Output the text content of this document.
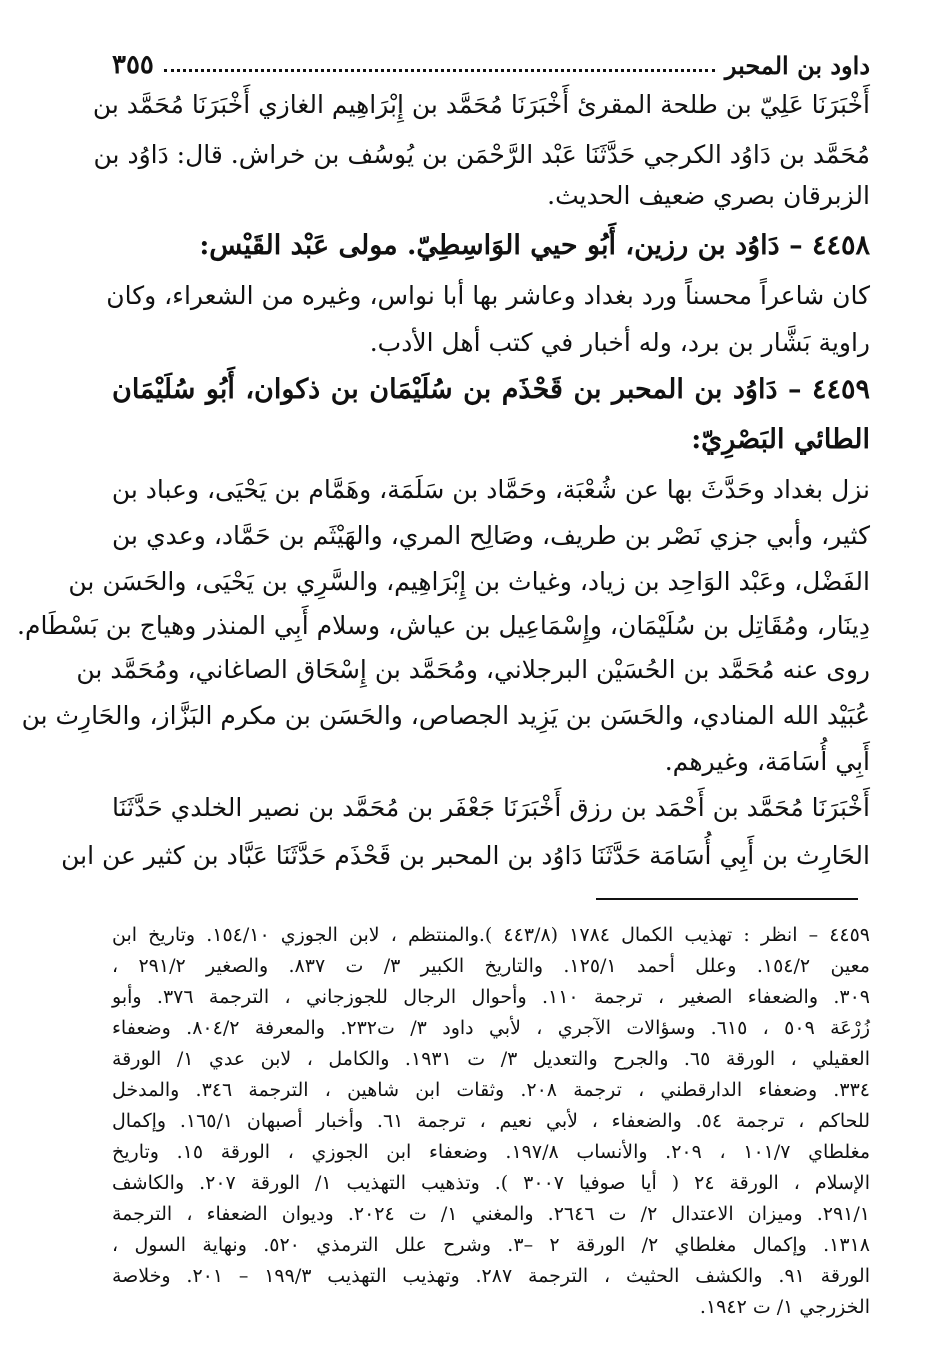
داود بن المحبر
٣٥٥
أَخْبَرَنَا عَلِيّ بن طلحة المقرئ أَخْبَرَنَا مُحَمَّد بن إِبْرَاهِيم الغازي أَخْبَرَنَا مُحَمَّد بن
مُحَمَّد بن دَاوُد الكرجي حَدَّثَنَا عَبْد الرَّحْمَن بن يُوسُف بن خراش. قال: دَاوُد بن
الزبرقان بصري ضعيف الحديث.
٤٤٥٨ – دَاوُد بن رزين، أَبُو حيي الوَاسِطِيّ. مولى عَبْد القَيْس:
كان شاعراً محسناً ورد بغداد وعاشر بها أبا نواس، وغيره من الشعراء، وكان
راوية بَشَّار بن برد، وله أخبار في كتب أهل الأدب.
٤٤٥٩ – دَاوُد بن المحبر بن قَحْذَم بن سُلَيْمَان بن ذكوان، أَبُو سُلَيْمَان
الطائي البَصْرِيّ:
نزل بغداد وحَدَّثَ بها عن شُعْبَة، وحَمَّاد بن سَلَمَة، وهَمَّام بن يَحْيَى، وعباد بن
كثير، وأبي جزي نَصْر بن طريف، وصَالِح المري، والهَيْثَم بن حَمَّاد، وعدي بن
الفَضْل، وعَبْد الوَاحِد بن زياد، وغياث بن إِبْرَاهِيم، والسَّرِي بن يَحْيَى، والحَسَن بن
دِينَار، ومُقَاتِل بن سُلَيْمَان، وإِسْمَاعِيل بن عياش، وسلام أَبِي المنذر وهياج بن بَسْطَام.
روى عنه مُحَمَّد بن الحُسَيْن البرجلاني، ومُحَمَّد بن إِسْحَاق الصاغاني، ومُحَمَّد بن
عُبَيْد الله المنادي، والحَسَن بن يَزِيد الجصاص، والحَسَن بن مكرم البَزَّاز، والحَارِث بن
أَبِي أُسَامَة، وغيرهم.
أَخْبَرَنَا مُحَمَّد بن أَحْمَد بن رزق أَخْبَرَنَا جَعْفَر بن مُحَمَّد بن نصير الخلدي حَدَّثَنَا
الحَارِث بن أَبِي أُسَامَة حَدَّثَنَا دَاوُد بن المحبر بن قَحْذَم حَدَّثَنَا عَبَّاد بن كثير عن ابن
٤٤٥٩ – انظر : تهذيب الكمال ١٧٨٤ (٤٤٣/٨ ).والمنتظم ، لابن الجوزي ١٥٤/١٠. وتاريخ ابن
معين ١٥٤/٢. وعلل أحمد ١٢٥/١. والتاريخ الكبير ٣/ ت ٨٣٧. والصغير ٢٩١/٢ ،
٣٠٩. والضعفاء الصغير ، ترجمة ١١٠. وأحوال الرجال للجوزجاني ، الترجمة ٣٧٦. وأبو
زُرْعَة ٥٠٩ ، ٦١٥. وسؤالات الآجري ، لأبي داود ٣/ ت٢٣٢. والمعرفة ٨٠٤/٢. وضعفاء
العقيلي ، الورقة ٦٥. والجرح والتعديل ٣/ ت ١٩٣١. والكامل ، لابن عدي ١/ الورقة
٣٣٤. وضعفاء الدارقطني ، ترجمة ٢٠٨. وثقات ابن شاهين ، الترجمة ٣٤٦. والمدخل
للحاكم ، ترجمة ٥٤. والضعفاء ، لأبي نعيم ، ترجمة ٦١. وأخبار أصبهان ١٦٥/١. وإكمال
مغلطاي ١٠١/٧ ، ٢٠٩. والأنساب ١٩٧/٨. وضعفاء ابن الجوزي ، الورقة ١٥. وتاريخ
الإسلام ، الورقة ٢٤ ( أيا صوفيا ٣٠٠٧ ). وتذهيب التهذيب ١/ الورقة ٢٠٧. والكاشف
٢٩١/١. وميزان الاعتدال ٢/ ت ٢٦٤٦. والمغني ١/ ت ٢٠٢٤. وديوان الضعفاء ، الترجمة
١٣١٨. وإكمال مغلطاي ٢/ الورقة ٢ –٣. وشرح علل الترمذي ٥٢٠. ونهاية السول ،
الورقة ٩١. والكشف الحثيث ، الترجمة ٢٨٧. وتهذيب التهذيب ١٩٩/٣ – ٢٠١. وخلاصة
الخزرجي ١/ ت ١٩٤٢.
